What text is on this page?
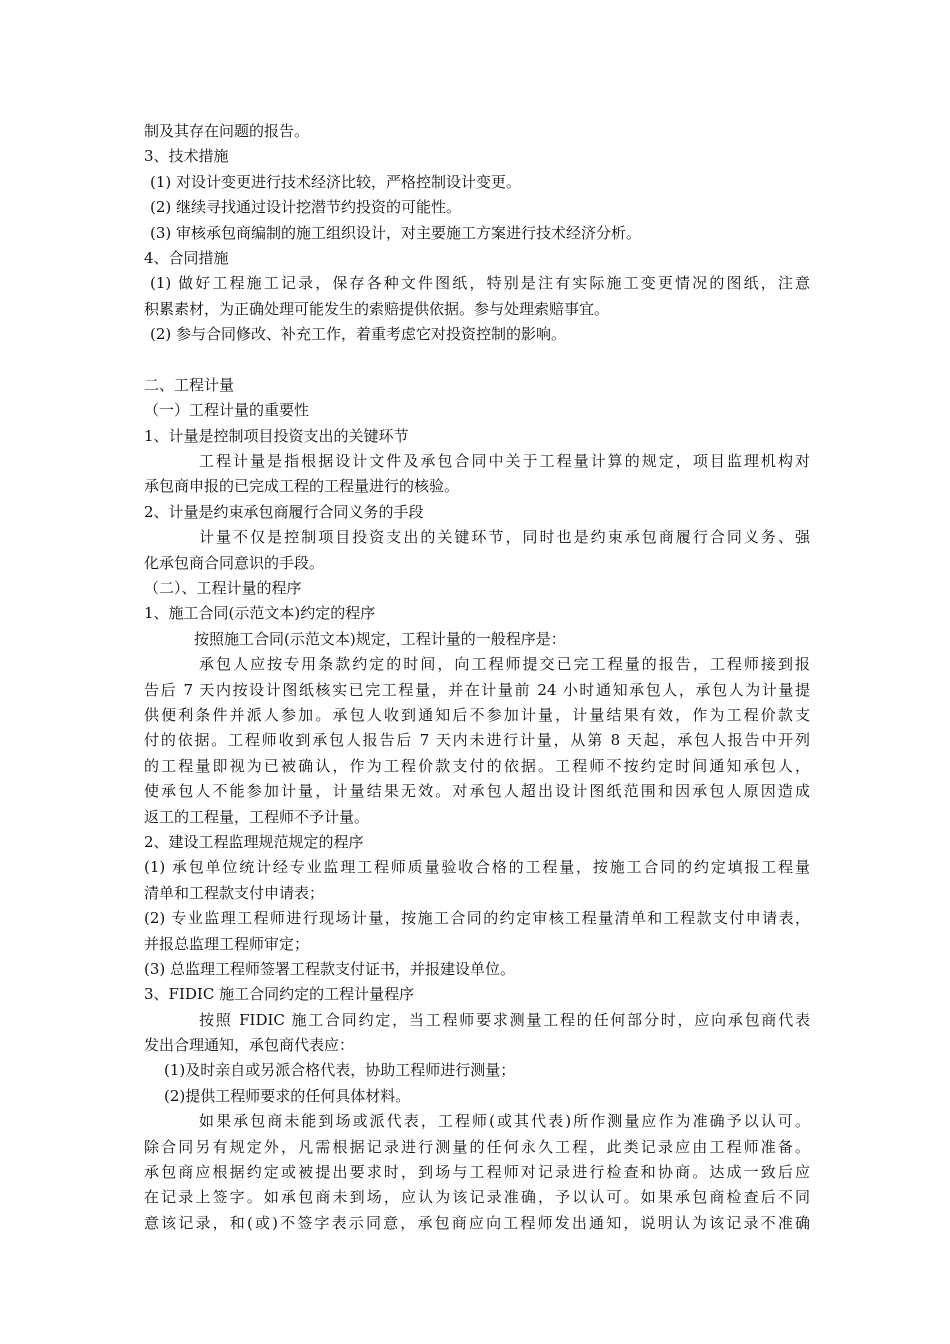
制及其存在问题的报告。
3、技术措施
(1) 对设计变更进行技术经济比较，严格控制设计变更。
(2) 继续寻找通过设计挖潜节约投资的可能性。
(3) 审核承包商编制的施工组织设计，对主要施工方案进行技术经济分析。
4、合同措施
(1) 做好工程施工记录，保存各种文件图纸，特别是注有实际施工变更情况的图纸，注意
积累素材，为正确处理可能发生的索赔提供依据。参与处理索赔事宜。
(2) 参与合同修改、补充工作，着重考虑它对投资控制的影响。
二、工程计量
（一）工程计量的重要性
1、计量是控制项目投资支出的关键环节
工程计量是指根据设计文件及承包合同中关于工程量计算的规定，项目监理机构对
承包商申报的已完成工程的工程量进行的核验。
2、计量是约束承包商履行合同义务的手段
计量不仅是控制项目投资支出的关键环节，同时也是约束承包商履行合同义务、强
化承包商合同意识的手段。
（二）、工程计量的程序
1、施工合同(示范文本)约定的程序
按照施工合同(示范文本)规定，工程计量的一般程序是：
承包人应按专用条款约定的时间，向工程师提交已完工程量的报告，工程师接到报
告后 7 天内按设计图纸核实已完工程量，并在计量前 24 小时通知承包人，承包人为计量提
供便利条件并派人参加。承包人收到通知后不参加计量，计量结果有效，作为工程价款支
付的依据。工程师收到承包人报告后 7 天内未进行计量，从第 8 天起，承包人报告中开列
的工程量即视为已被确认，作为工程价款支付的依据。工程师不按约定时间通知承包人，
使承包人不能参加计量，计量结果无效。对承包人超出设计图纸范围和因承包人原因造成
返工的工程量，工程师不予计量。
2、建设工程监理规范规定的程序
(1) 承包单位统计经专业监理工程师质量验收合格的工程量，按施工合同的约定填报工程量
清单和工程款支付申请表；
(2) 专业监理工程师进行现场计量，按施工合同的约定审核工程量清单和工程款支付申请表，
并报总监理工程师审定；
(3) 总监理工程师签署工程款支付证书，并报建设单位。
3、FIDIC 施工合同约定的工程计量程序
按照 FIDIC 施工合同约定，当工程师要求测量工程的任何部分时，应向承包商代表
发出合理通知，承包商代表应：
(1)及时亲自或另派合格代表，协助工程师进行测量；
(2)提供工程师要求的任何具体材料。
如果承包商未能到场或派代表，工程师(或其代表)所作测量应作为准确予以认可。
除合同另有规定外，凡需根据记录进行测量的任何永久工程，此类记录应由工程师准备。
承包商应根据约定或被提出要求时，到场与工程师对记录进行检查和协商。达成一致后应
在记录上签字。如承包商未到场，应认为该记录准确，予以认可。如果承包商检查后不同
意该记录，和(或)不签字表示同意，承包商应向工程师发出通知，说明认为该记录不准确
